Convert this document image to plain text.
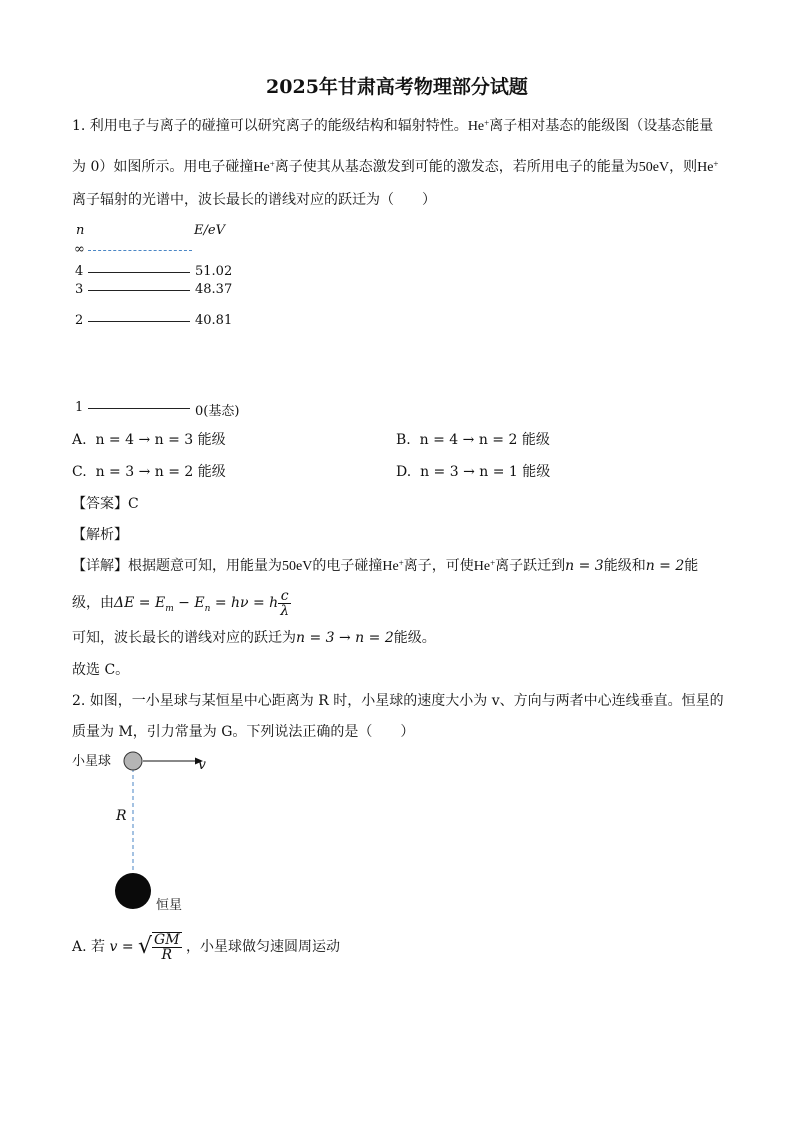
2025年甘肃高考物理部分试题
1. 利用电子与离子的碰撞可以研究离子的能级结构和辐射特性。He+离子相对基态的能级图（设基态能量
为 0）如图所示。用电子碰撞He+离子使其从基态激发到可能的激发态，若所用电子的能量为50eV，则He+
离子辐射的光谱中，波长最长的谱线对应的跃迁为（　　）
n	E/eV
∞
4	51.02
3	48.37
2	40.81
1	0(基态)
A. n = 4 → n = 3 能级	B. n = 4 → n = 2 能级
C. n = 3 → n = 2 能级	D. n = 3 → n = 1 能级
【答案】C
【解析】
【详解】根据题意可知，用能量为50eV的电子碰撞He+离子，可使He+离子跃迁到n = 3能级和n = 2能
级，由$\Delta E = E_m - E_n = h\nu = h \frac{c}{\lambda}$
可知，波长最长的谱线对应的跃迁为n = 3 → n = 2能级。
故选 C。
2. 如图，一小星球与某恒星中心距离为 R 时，小星球的速度大小为 v、方向与两者中心连线垂直。恒星的
质量为 M，引力常量为 G。下列说法正确的是（　　）
小星球	v
R
恒星
A. 若 v = √ $\frac{GM}{R}$ ，小星球做匀速圆周运动
